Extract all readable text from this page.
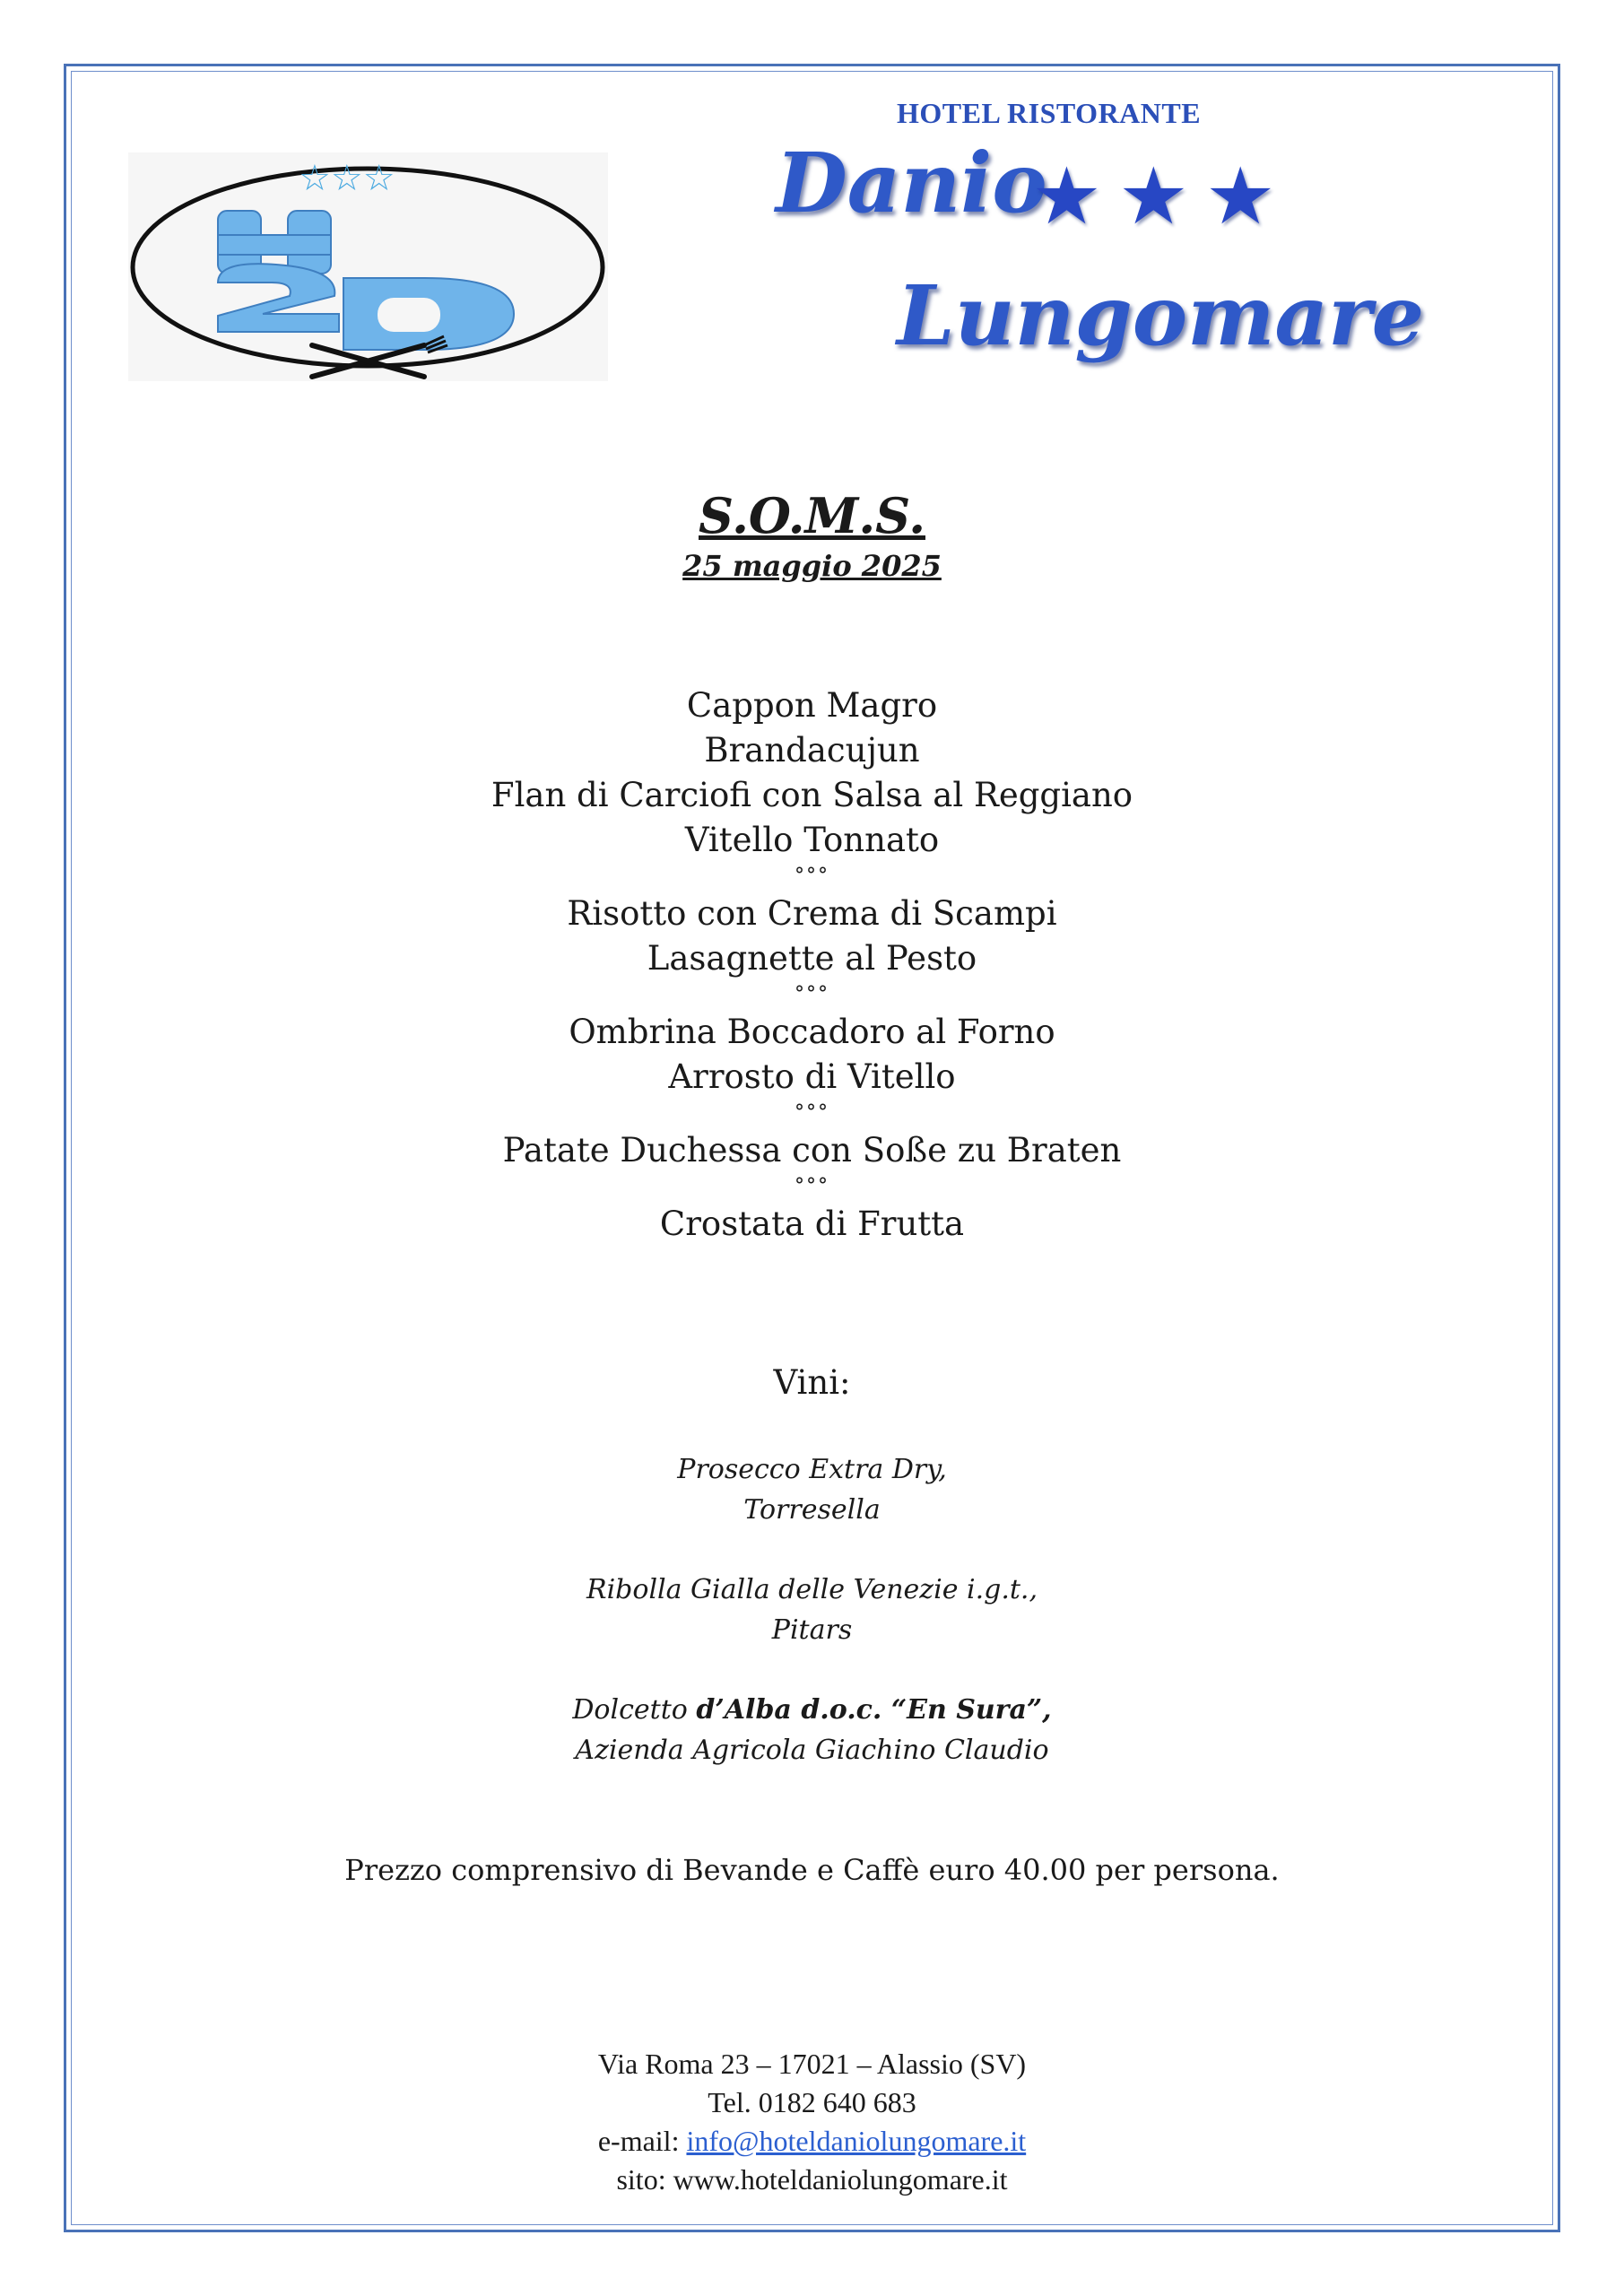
☆☆☆
HOTEL RISTORANTE
Danio
★★★
Lungomare
S.O.M.S.
25 maggio 2025
Cappon Magro
Brandacujun
Flan di Carciofi con Salsa al Reggiano
Vitello Tonnato
°°°
Risotto con Crema di Scampi
Lasagnette al Pesto
°°°
Ombrina Boccadoro al Forno
Arrosto di Vitello
°°°
Patate Duchessa con Soße zu Braten
°°°
Crostata di Frutta
Vini:
Prosecco Extra Dry,
Torresella
Ribolla Gialla delle Venezie i.g.t.,
Pitars
Dolcetto d’Alba d.o.c. “En Sura”,
Azienda Agricola Giachino Claudio
Prezzo comprensivo di Bevande e Caffè euro 40.00 per persona.
Via Roma 23 – 17021 – Alassio (SV)
Tel. 0182 640 683
e-mail: info@hoteldaniolungomare.it
sito: www.hoteldaniolungomare.it
